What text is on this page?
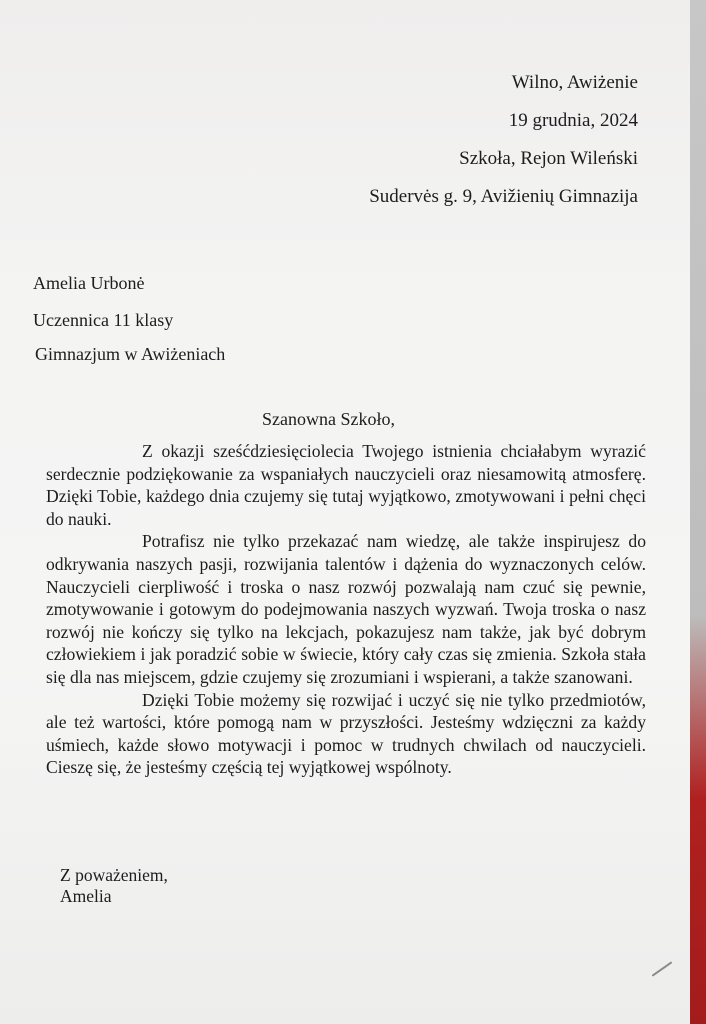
Wilno, Awiżenie
19 grudnia, 2024
Szkoła, Rejon Wileński
Sudervės g. 9, Avižienių Gimnazija
Amelia Urbonė
Uczennica 11 klasy
Gimnazjum w Awiżeniach
Szanowna Szkoło,

Z okazji sześćdziesięciolecia Twojego istnienia chciałabym wyrazić serdecznie podziękowanie za wspaniałych nauczycieli oraz niesamowitą atmosferę. Dzięki Tobie, każdego dnia czujemy się tutaj wyjątkowo, zmotywowani i pełni chęci do nauki.

Potrafisz nie tylko przekazać nam wiedzę, ale także inspirujesz do odkrywania naszych pasji, rozwijania talentów i dążenia do wyznaczonych celów. Nauczycieli cierpliwość i troska o nasz rozwój pozwalają nam czuć się pewnie, zmotywowanie i gotowym do podejmowania naszych wyzwań. Twoja troska o nasz rozwój nie kończy się tylko na lekcjach, pokazujesz nam także, jak być dobrym człowiekiem i jak poradzić sobie w świecie, który cały czas się zmienia. Szkoła stała się dla nas miejscem, gdzie czujemy się zrozumiani i wspierani, a także szanowani.

Dzięki Tobie możemy się rozwijać i uczyć się nie tylko przedmiotów, ale też wartości, które pomogą nam w przyszłości. Jesteśmy wdzięczni za każdy uśmiech, każde słowo motywacji i pomoc w trudnych chwilach od nauczycieli. Cieszę się, że jesteśmy częścią tej wyjątkowej wspólnoty.

Z poważeniem,
Amelia
